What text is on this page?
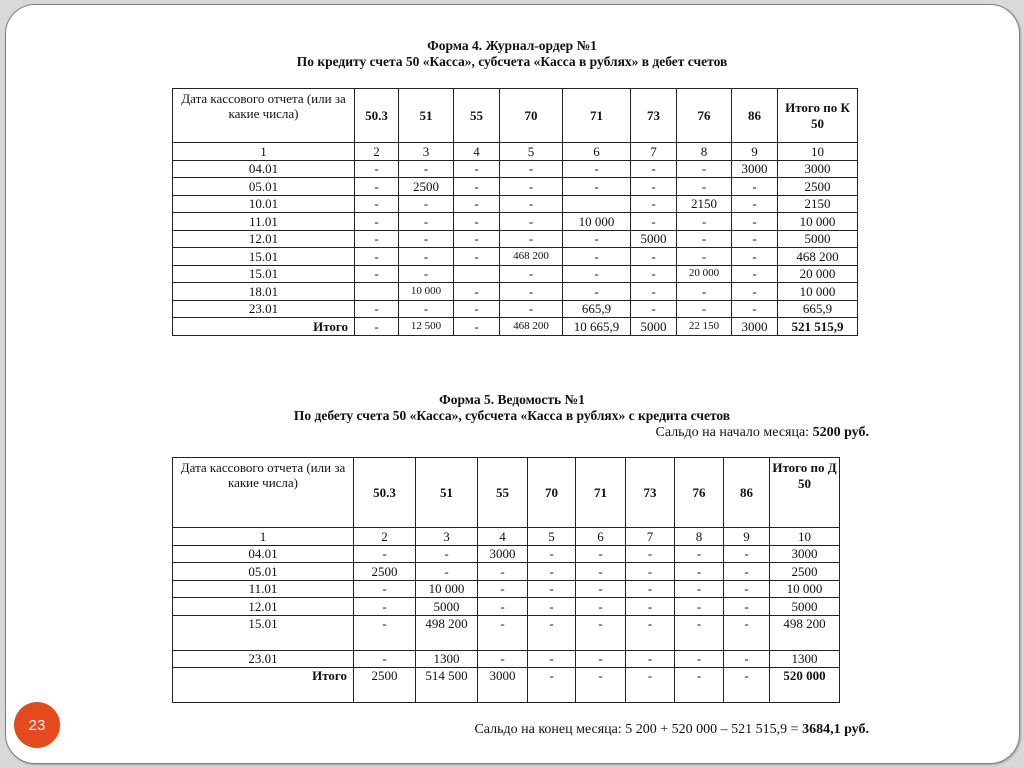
Форма 4. Журнал-ордер №1
По кредиту счета 50 «Касса», субсчета «Касса в рублях» в дебет счетов
Дата кассового отчета (или за какие числа)	50.3	51	55	70	71	73	76	86	Итого по К 50
1	2	3	4	5	6	7	8	9	10
04.01	-	-	-	-	-	-	-	3000	3000
05.01	-	2500	-	-	-	-	-	-	2500
10.01	-	-	-	-		-	2150	-	2150
11.01	-	-	-	-	10 000	-	-	-	10 000
12.01	-	-	-	-	-	5000	-	-	5000
15.01	-	-	-	468 200	-	-	-	-	468 200
15.01	-	-		-	-	-	20 000	-	20 000
18.01		10 000	-	-	-	-	-	-	10 000
23.01	-	-	-	-	665,9	-	-	-	665,9
Итого	-	12 500	-	468 200	10 665,9	5000	22 150	3000	521 515,9
Форма 5. Ведомость №1
По дебету счета 50 «Касса», субсчета «Касса в рублях» с кредита счетов
Сальдо на начало месяца: 5200 руб.
Дата кассового отчета (или за какие числа)	50.3	51	55	70	71	73	76	86	Итого по Д 50
1	2	3	4	5	6	7	8	9	10
04.01	-	-	3000	-	-	-	-	-	3000
05.01	2500	-	-	-	-	-	-	-	2500
11.01	-	10 000	-	-	-	-	-	-	10 000
12.01	-	5000	-	-	-	-	-	-	5000
15.01	-	498 200	-	-	-	-	-	-	498 200
23.01	-	1300	-	-	-	-	-	-	1300
Итого	2500	514 500	3000	-	-	-	-	-	520 000
Сальдо на конец месяца: 5 200 + 520 000 – 521 515,9 = 3684,1 руб.
23
